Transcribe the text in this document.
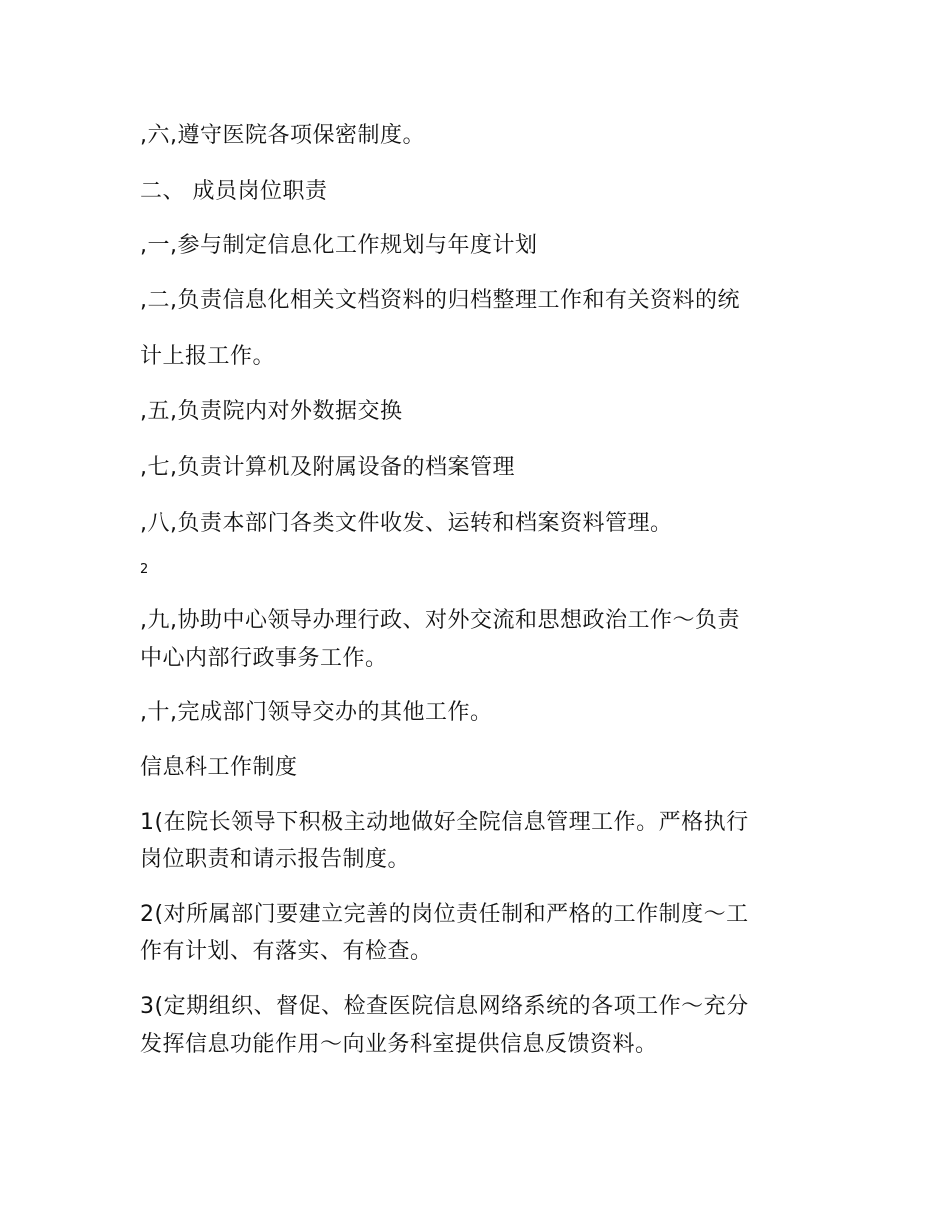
,六,遵守医院各项保密制度。
二、 成员岗位职责
,一,参与制定信息化工作规划与年度计划
,二,负责信息化相关文档资料的归档整理工作和有关资料的统
计上报工作。
,五,负责院内对外数据交换
,七,负责计算机及附属设备的档案管理
,八,负责本部门各类文件收发、运转和档案资料管理。
2
,九,协助中心领导办理行政、对外交流和思想政治工作～负责
中心内部行政事务工作。
,十,完成部门领导交办的其他工作。
信息科工作制度
1(在院长领导下积极主动地做好全院信息管理工作。严格执行
岗位职责和请示报告制度。
2(对所属部门要建立完善的岗位责任制和严格的工作制度～工
作有计划、有落实、有检查。
3(定期组织、督促、检查医院信息网络系统的各项工作～充分
发挥信息功能作用～向业务科室提供信息反馈资料。
